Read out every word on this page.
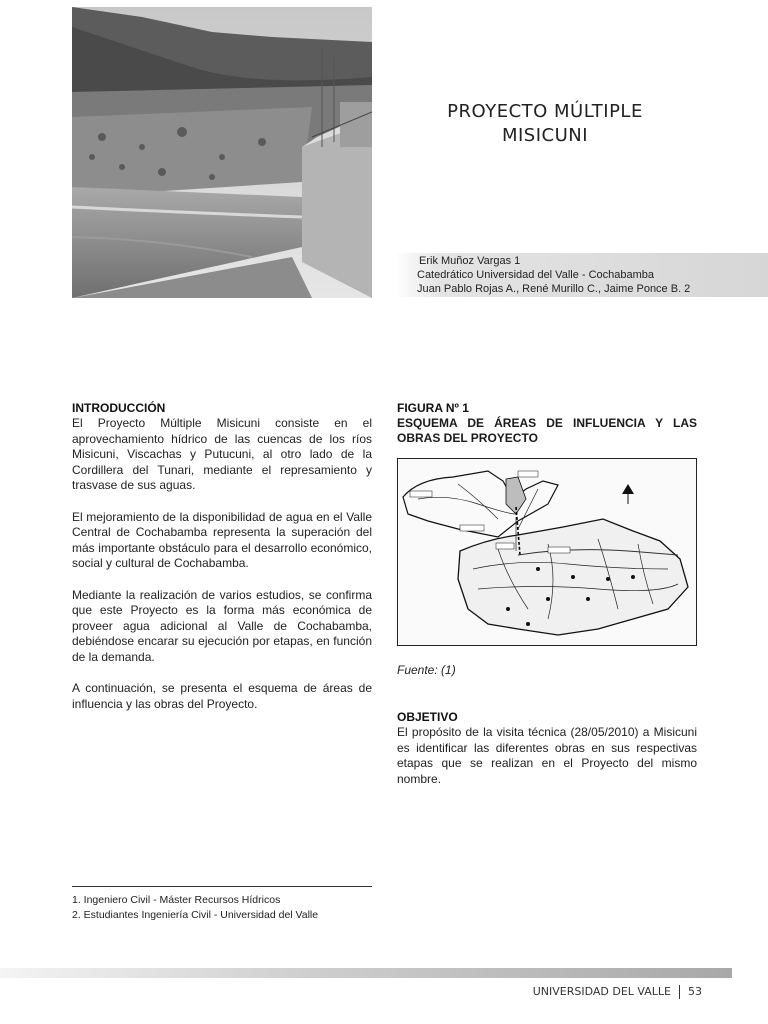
PROYECTO MÚLTIPLE
MISICUNI
Erik Muñoz Vargas 1
Catedrático Universidad del Valle - Cochabamba
Juan Pablo Rojas A., René Murillo C., Jaime Ponce B. 2
INTRODUCCIÓN

El Proyecto Múltiple Misicuni consiste en el aprovechamiento hídrico de las cuencas de los ríos Misicuni, Viscachas y Putucuni, al otro lado de la Cordillera del Tunari, mediante el represamiento y trasvase de sus aguas.

El mejoramiento de la disponibilidad de agua en el Valle Central de Cochabamba representa la superación del más importante obstáculo para el desarrollo económico, social y cultural de Cochabamba.

Mediante la realización de varios estudios, se confirma que este Proyecto es la forma más económica de proveer agua adicional al Valle de Cochabamba, debiéndose encarar su ejecución por etapas, en función de la demanda.

A continuación, se presenta el esquema de áreas de influencia y las obras del Proyecto.

FIGURA Nº 1
ESQUEMA DE ÁREAS DE INFLUENCIA Y LAS OBRAS DEL PROYECTO
Fuente: (1)
OBJETIVO

El propósito de la visita técnica (28/05/2010) a Misicuni es identificar las diferentes obras en sus respectivas etapas que se realizan en el Proyecto del mismo nombre.

1. Ingeniero Civil - Máster Recursos Hídricos
2. Estudiantes Ingeniería Civil - Universidad del Valle
UNIVERSIDAD DEL VALLE 53
